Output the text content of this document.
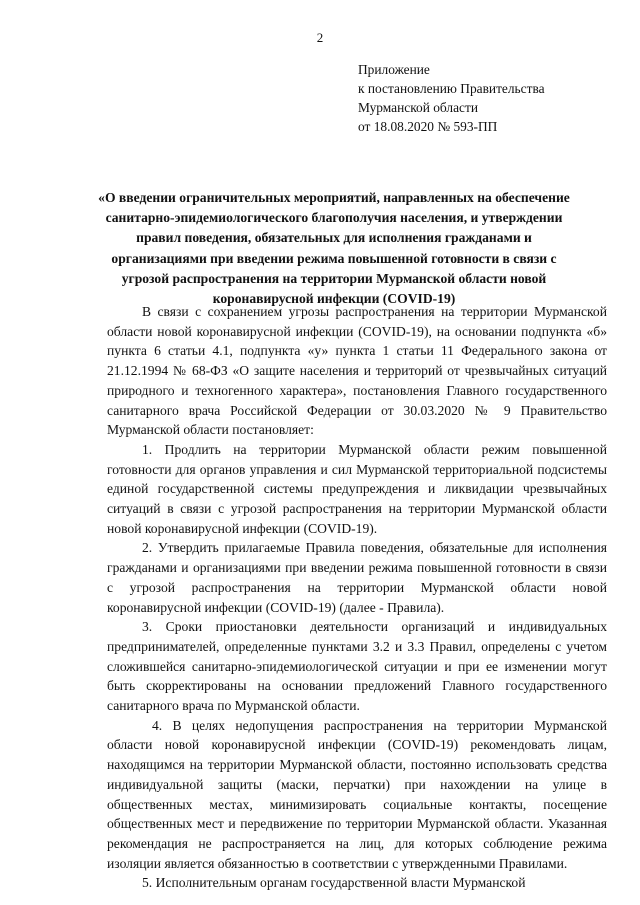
2
Приложение
к постановлению Правительства
Мурманской области
от 18.08.2020 № 593-ПП
«О введении ограничительных мероприятий, направленных на обеспечение санитарно-эпидемиологического благополучия населения, и утверждении правил поведения, обязательных для исполнения гражданами и организациями при введении режима повышенной готовности в связи с угрозой распространения на территории Мурманской области новой коронавирусной инфекции (COVID-19)

В связи с сохранением угрозы распространения на территории Мурманской области новой коронавирусной инфекции (COVID-19), на основании подпункта «б» пункта 6 статьи 4.1, подпункта «у» пункта 1 статьи 11 Федерального закона от 21.12.1994 № 68-ФЗ «О защите населения и территорий от чрезвычайных ситуаций природного и техногенного характера», постановления Главного государственного санитарного врача Российской Федерации от 30.03.2020 № 9 Правительство Мурманской области постановляет:

1. Продлить на территории Мурманской области режим повышенной готовности для органов управления и сил Мурманской территориальной подсистемы единой государственной системы предупреждения и ликвидации чрезвычайных ситуаций в связи с угрозой распространения на территории Мурманской области новой коронавирусной инфекции (COVID-19).

2. Утвердить прилагаемые Правила поведения, обязательные для исполнения гражданами и организациями при введении режима повышенной готовности в связи с угрозой распространения на территории Мурманской области новой коронавирусной инфекции (COVID-19) (далее - Правила).

3. Сроки приостановки деятельности организаций и индивидуальных предпринимателей, определенные пунктами 3.2 и 3.3 Правил, определены с учетом сложившейся санитарно-эпидемиологической ситуации и при ее изменении могут быть скорректированы на основании предложений Главного государственного санитарного врача по Мурманской области.

4. В целях недопущения распространения на территории Мурманской области новой коронавирусной инфекции (COVID-19) рекомендовать лицам, находящимся на территории Мурманской области, постоянно использовать средства индивидуальной защиты (маски, перчатки) при нахождении на улице в общественных местах, минимизировать социальные контакты, посещение общественных мест и передвижение по территории Мурманской области. Указанная рекомендация не распространяется на лиц, для которых соблюдение режима изоляции является обязанностью в соответствии с утвержденными Правилами.

5. Исполнительным органам государственной власти Мурманской
